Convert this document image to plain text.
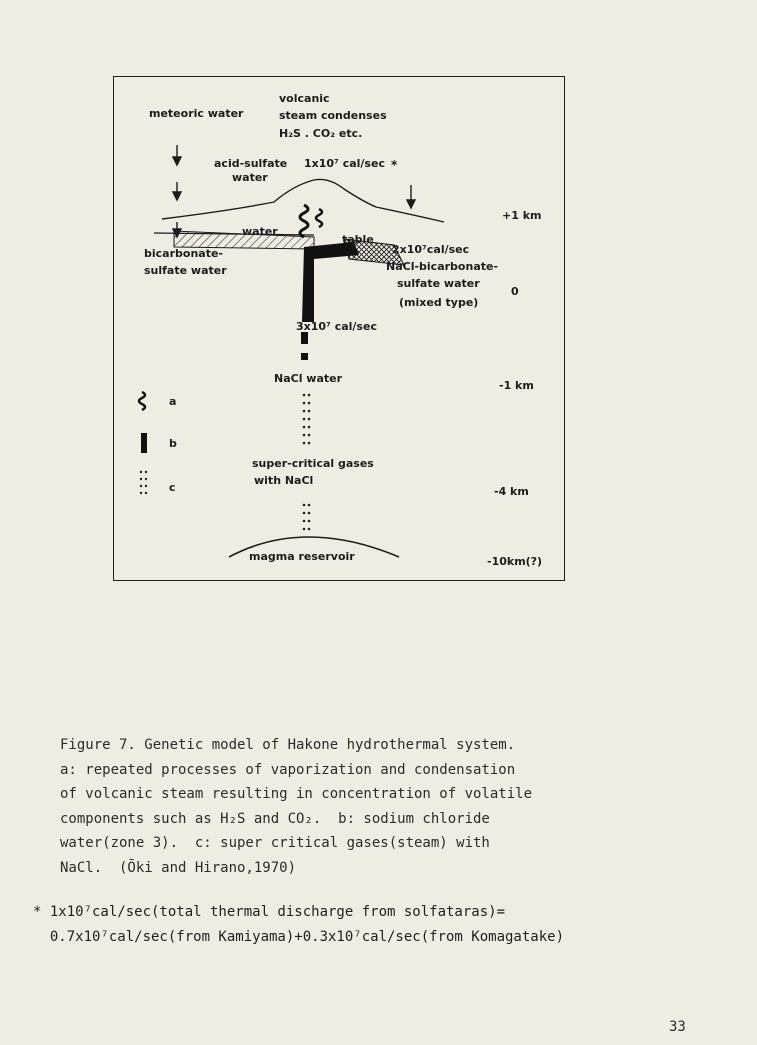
meteoric water
volcanic
steam condenses
H₂S . CO₂ etc.
acid-sulfate
water
1x10⁷ cal/sec *
+1 km
water
table
bicarbonate-
sulfate water
2x10⁷cal/sec
NaCl-bicarbonate-
sulfate water
(mixed type)
0
3x10⁷ cal/sec
NaCl water
-1 km
a
b
c
super-critical gases
with NaCl
-4 km
magma reservoir	-10km(?)
Figure 7. Genetic model of Hakone hydrothermal system.
a: repeated processes of vaporization and condensation
of volcanic steam resulting in concentration of volatile
components such as H₂S and CO₂.  b: sodium chloride
water(zone 3).  c: super critical gases(steam) with
NaCl.  (Ōki and Hirano,1970)
* 1x10⁷cal/sec(total thermal discharge from solfataras)=
0.7x10⁷cal/sec(from Kamiyama)+0.3x10⁷cal/sec(from Komagatake)
33
